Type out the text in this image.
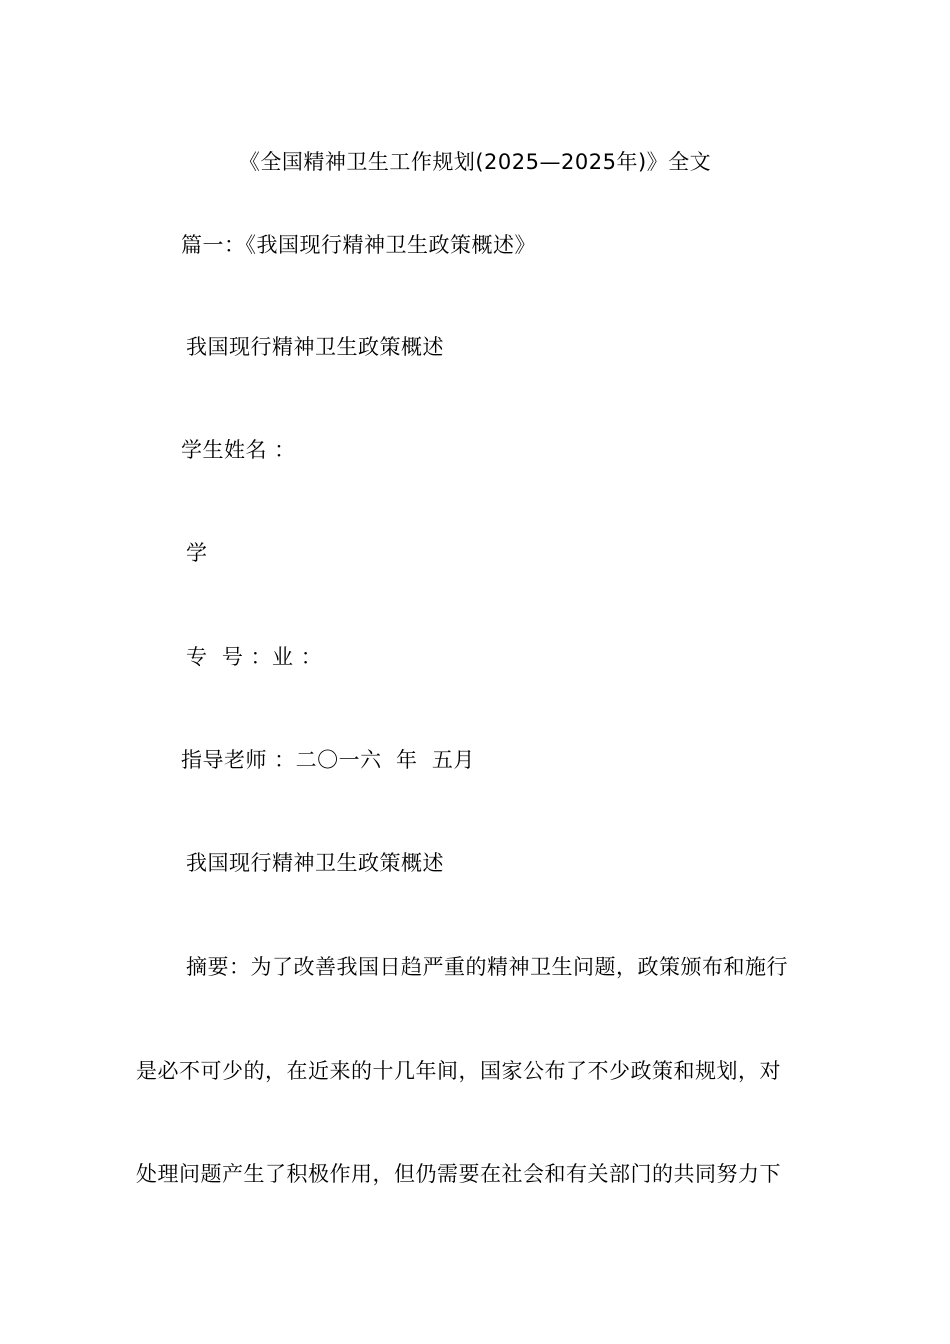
《全国精神卫生工作规划(2025—2025年)》全文
篇一：《我国现行精神卫生政策概述》
我国现行精神卫生政策概述
学生姓名 ：
学
专  号 ：业 ：
指导老师 ：二〇一六  年  五月
我国现行精神卫生政策概述
摘要：为了改善我国日趋严重的精神卫生问题，政策颁布和施行
是必不可少的，在近来的十几年间，国家公布了不少政策和规划，对
处理问题产生了积极作用，但仍需要在社会和有关部门的共同努力下
